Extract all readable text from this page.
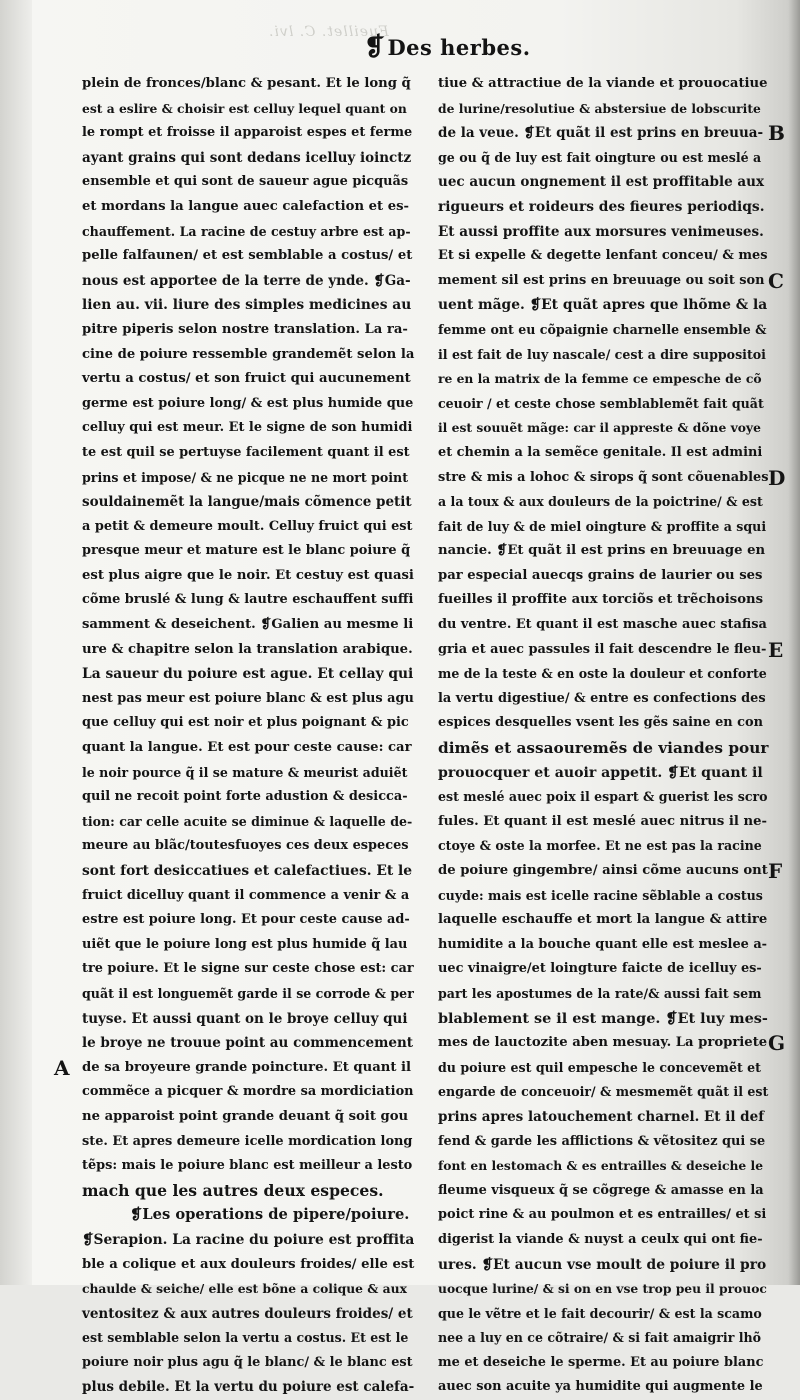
Fueillet. C. lvi.
❡Des herbes.
plein de fronces/blanc & pesant. Et le long q̃
est a eslire & choisir est celluy lequel quant on
le rompt et froisse il apparoist espes et ferme
ayant grains qui sont dedans icelluy ioinctz
ensemble et qui sont de saueur ague picquãs
et mordans la langue auec calefaction et es-
chauffement. La racine de cestuy arbre est ap-
pelle falfaunen/ et est semblable a costus/ et
nous est apportee de la terre de ynde. ❡Ga-
lien au. vii. liure des simples medicines au
pitre piperis selon nostre translation. La ra-
cine de poiure ressemble grandemẽt selon la
vertu a costus/ et son fruict qui aucunement
germe est poiure long/ & est plus humide que
celluy qui est meur. Et le signe de son humidi
te est quil se pertuyse facilement quant il est
prins et impose/ & ne picque ne ne mort point
souldainemẽt la langue/mais cõmence petit
a petit & demeure moult. Celluy fruict qui est
presque meur et mature est le blanc poiure q̃
est plus aigre que le noir. Et cestuy est quasi
cõme bruslé & lung & lautre eschauffent suffi
samment & deseichent. ❡Galien au mesme li
ure & chapitre selon la translation arabique.
La saueur du poiure est ague. Et cellay qui
nest pas meur est poiure blanc & est plus agu
que celluy qui est noir et plus poignant & pic
quant la langue. Et est pour ceste cause: car
le noir pource q̃ il se mature & meurist aduiẽt
quil ne recoit point forte adustion & desicca-
tion: car celle acuite se diminue & laquelle de-
meure au blãc/toutesfuoyes ces deux especes
sont fort desiccatiues et calefactiues. Et le
fruict dicelluy quant il commence a venir & a
estre est poiure long. Et pour ceste cause ad-
uiẽt que le poiure long est plus humide q̃ lau
tre poiure. Et le signe sur ceste chose est: car
quãt il est longuemẽt garde il se corrode & per
tuyse. Et aussi quant on le broye celluy qui
le broye ne trouue point au commencement
de sa broyeure grande poincture. Et quant il
commẽce a picquer & mordre sa mordiciation
ne apparoist point grande deuant q̃ soit gou
ste. Et apres demeure icelle mordication long
tẽps: mais le poiure blanc est meilleur a lesto
mach que les autres deux especes.
❡Les operations de pipere/poiure.
❡Serapion. La racine du poiure est proffita
ble a colique et aux douleurs froides/ elle est
chaulde & seiche/ elle est bõne a colique & aux
ventositez & aux autres douleurs froides/ et
est semblable selon la vertu a costus. Et est le
poiure noir plus agu q̃ le blanc/ & le blanc est
plus debile. Et la vertu du poiure est calefa-
tiue & attractiue de la viande et prouocatiue
de lurine/resolutiue & abstersiue de lobscurite
de la veue. ❡Et quãt il est prins en breuua-
ge ou q̃ de luy est fait oingture ou est meslé a
uec aucun ongnement il est proffitable aux
rigueurs et roideurs des fieures periodiqs.
Et aussi proffite aux morsures venimeuses.
Et si expelle & degette lenfant conceu/ & mes
mement sil est prins en breuuage ou soit son
uent mãge. ❡Et quãt apres que lhõme & la
femme ont eu cõpaignie charnelle ensemble &
il est fait de luy nascale/ cest a dire suppositoi
re en la matrix de la femme ce empesche de cõ
ceuoir / et ceste chose semblablemẽt fait quãt
il est souuẽt mãge: car il appreste & dõne voye
et chemin a la semẽce genitale. Il est admini
stre & mis a lohoc & sirops q̃ sont cõuenables
a la toux & aux douleurs de la poictrine/ & est
fait de luy & de miel oingture & proffite a squi
nancie. ❡Et quãt il est prins en breuuage en
par especial auecqs grains de laurier ou ses
fueilles il proffite aux torciõs et trẽchoisons
du ventre. Et quant il est masche auec stafisa
gria et auec passules il fait descendre le fleu-
me de la teste & en oste la douleur et conforte
la vertu digestiue/ & entre es confections des
espices desquelles vsent les gẽs saine en con
dimẽs et assaouremẽs de viandes pour
prouocquer et auoir appetit. ❡Et quant il
est meslé auec poix il espart & guerist les scro
fules. Et quant il est meslé auec nitrus il ne-
ctoye & oste la morfee. Et ne est pas la racine
de poiure gingembre/ ainsi cõme aucuns ont
cuyde: mais est icelle racine sẽblable a costus
laquelle eschauffe et mort la langue & attire
humidite a la bouche quant elle est meslee a-
uec vinaigre/et loingture faicte de icelluy es-
part les apostumes de la rate/& aussi fait sem
blablement se il est mange. ❡Et luy mes-
mes de lauctozite aben mesuay. La propriete
du poiure est quil empesche le concevemẽt et
engarde de conceuoir/ & mesmemẽt quãt il est
prins apres latouchement charnel. Et il def
fend & garde les afflictions & vẽtositez qui se
font en lestomach & es entrailles & deseiche le
fleume visqueux q̃ se cõgrege & amasse en la
poict rine & au poulmon et es entrailles/ et si
digerist la viande & nuyst a ceulx qui ont fie-
ures. ❡Et aucun vse moult de poiure il pro
uocque lurine/ & si on en vse trop peu il prouoc
que le vẽtre et le fait decourir/ & est la scamo
nee a luy en ce cõtraire/ & si fait amaigrir lhõ
me et deseiche le sperme. Et au poiure blanc
auec son acuite ya humidite qui augmente le
A
B
C
D
E
F
G
